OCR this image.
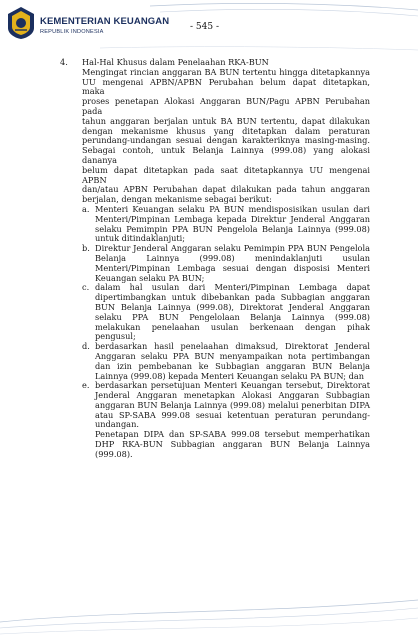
KEMENTERIAN KEUANGAN
REPUBLIK INDONESIA	- 545 -
4.	Hal-Hal Khusus dalam Penelaahan RKA-BUN
Mengingat rincian anggaran BA BUN tertentu hingga ditetapkannya
UU mengenai APBN/APBN Perubahan belum dapat ditetapkan, maka
proses penetapan Alokasi Anggaran BUN/Pagu APBN Perubahan pada
tahun anggaran berjalan untuk BA BUN tertentu, dapat dilakukan
dengan mekanisme khusus yang ditetapkan dalam peraturan
perundang-undangan sesuai dengan karakteriknya masing-masing.
Sebagai contoh, untuk Belanja Lainnya (999.08) yang alokasi dananya
belum dapat ditetapkan pada saat ditetapkannya UU mengenai APBN
dan/atau APBN Perubahan dapat dilakukan pada tahun anggaran
berjalan, dengan mekanisme sebagai berikut:
a. Menteri Keuangan selaku PA BUN mendisposisikan usulan dari
Menteri/Pimpinan Lembaga kepada Direktur Jenderal Anggaran
selaku Pemimpin PPA BUN Pengelola Belanja Lainnya (999.08)
untuk ditindaklanjuti;
b. Direktur Jenderal Anggaran selaku Pemimpin PPA BUN Pengelola
Belanja Lainnya (999.08) menindaklanjuti usulan
Menteri/Pimpinan Lembaga sesuai dengan disposisi Menteri
Keuangan selaku PA BUN;
c. dalam hal usulan dari Menteri/Pimpinan Lembaga dapat
dipertimbangkan untuk dibebankan pada Subbagian anggaran
BUN Belanja Lainnya (999.08), Direktorat Jenderal Anggaran
selaku PPA BUN Pengelolaan Belanja Lainnya (999.08)
melakukan penelaahan usulan berkenaan dengan pihak
pengusul;
d. berdasarkan hasil penelaahan dimaksud, Direktorat Jenderal
Anggaran selaku PPA BUN menyampaikan nota pertimbangan
dan izin pembebanan ke Subbagian anggaran BUN Belanja
Lainnya (999.08) kepada Menteri Keuangan selaku PA BUN; dan
e. berdasarkan persetujuan Menteri Keuangan tersebut, Direktorat
Jenderal Anggaran menetapkan Alokasi Anggaran Subbagian
anggaran BUN Belanja Lainnya (999.08) melalui penerbitan DIPA
atau SP-SABA 999.08 sesuai ketentuan peraturan perundang-
undangan.
Penetapan DIPA dan SP-SABA 999.08 tersebut memperhatikan
DHP RKA-BUN Subbagian anggaran BUN Belanja Lainnya
(999.08).
